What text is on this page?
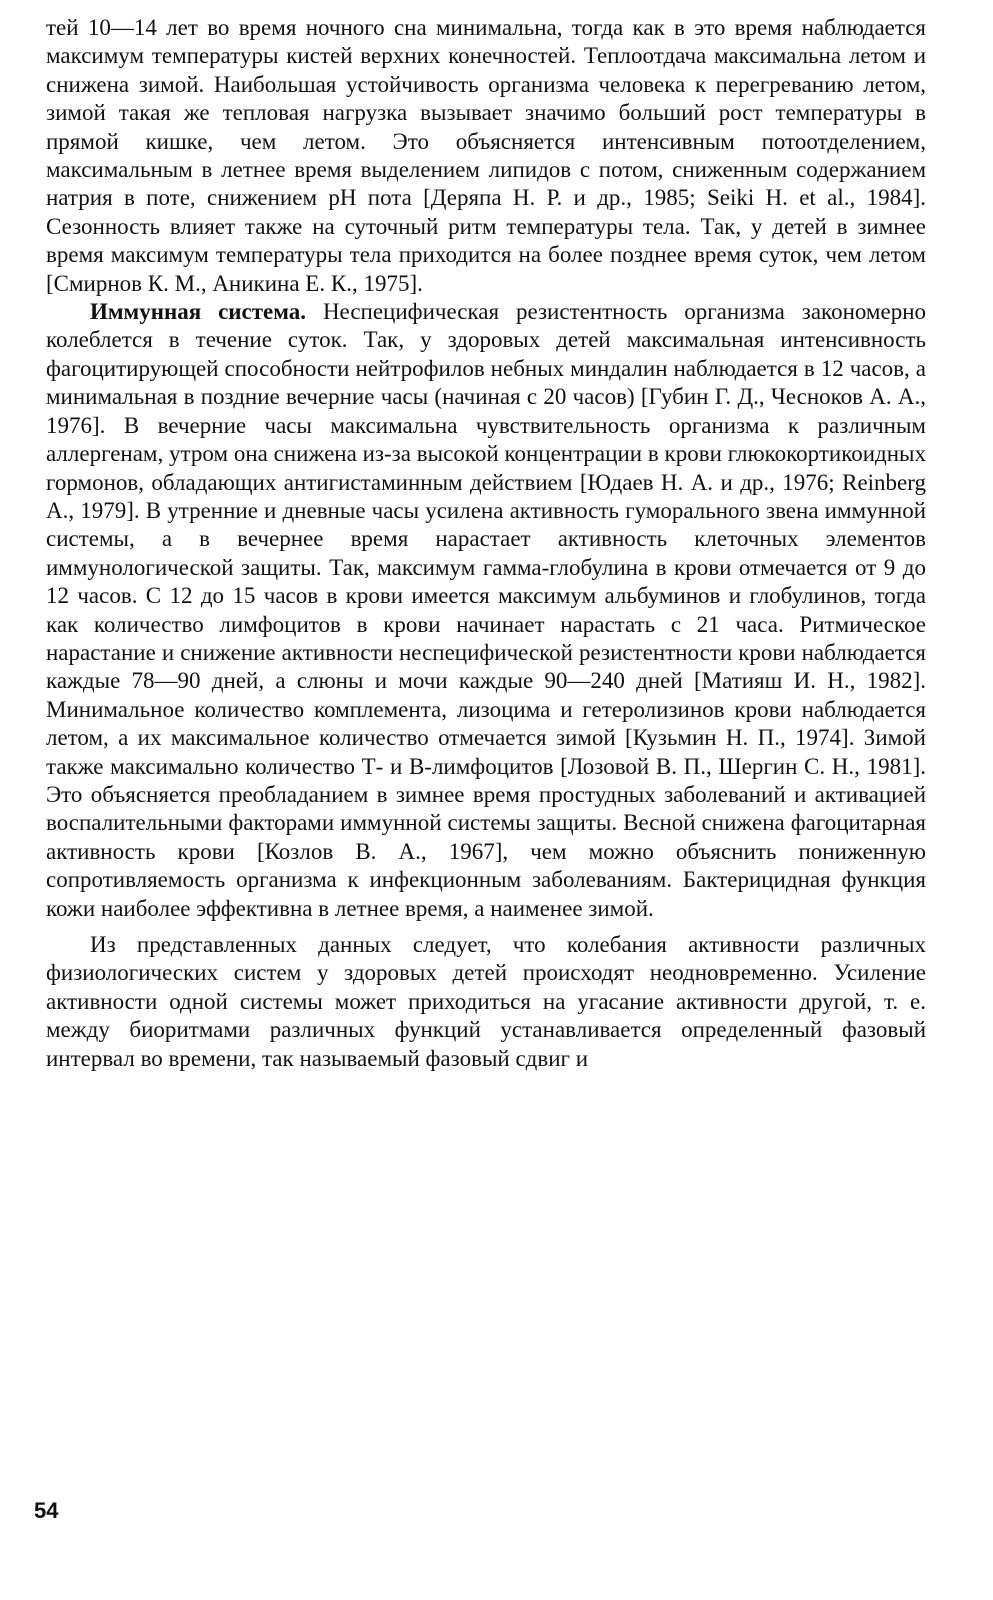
тей 10—14 лет во время ночного сна минимальна, тогда как в это время наблюдается максимум температуры кистей верхних конечностей. Теплоотдача максимальна летом и снижена зимой. Наибольшая устойчивость организма человека к перегреванию летом, зимой такая же тепловая нагрузка вызывает значимо больший рост температуры в прямой кишке, чем летом. Это объясняется интенсивным потоотделением, максимальным в летнее время выделением липидов с потом, сниженным содержанием натрия в поте, снижением pH пота [Деряпа Н. Р. и др., 1985; Seiki H. et al., 1984]. Сезонность влияет также на суточный ритм температуры тела. Так, у детей в зимнее время максимум температуры тела приходится на более позднее время суток, чем летом [Смирнов К. М., Аникина Е. К., 1975].

Иммунная система. Неспецифическая резистентность организма закономерно колеблется в течение суток. Так, у здоровых детей максимальная интенсивность фагоцитирующей способности нейтрофилов небных миндалин наблюдается в 12 часов, а минимальная в поздние вечерние часы (начиная с 20 часов) [Губин Г. Д., Чесноков А. А., 1976]. В вечерние часы максимальна чувствительность организма к различным аллергенам, утром она снижена из-за высокой концентрации в крови глюкокортикоидных гормонов, обладающих антигистаминным действием [Юдаев Н. А. и др., 1976; Reinberg A., 1979]. В утренние и дневные часы усилена активность гуморального звена иммунной системы, а в вечернее время нарастает активность клеточных элементов иммунологической защиты. Так, максимум гамма-глобулина в крови отмечается от 9 до 12 часов. С 12 до 15 часов в крови имеется максимум альбуминов и глобулинов, тогда как количество лимфоцитов в крови начинает нарастать с 21 часа. Ритмическое нарастание и снижение активности неспецифической резистентности крови наблюдается каждые 78—90 дней, а слюны и мочи каждые 90—240 дней [Матияш И. Н., 1982]. Минимальное количество комплемента, лизоцима и гетеролизинов крови наблюдается летом, а их максимальное количество отмечается зимой [Кузьмин Н. П., 1974]. Зимой также максимально количество Т- и В-лимфоцитов [Лозовой В. П., Шергин С. Н., 1981]. Это объясняется преобладанием в зимнее время простудных заболеваний и активацией воспалительными факторами иммунной системы защиты. Весной снижена фагоцитарная активность крови [Козлов В. А., 1967], чем можно объяснить пониженную сопротивляемость организма к инфекционным заболеваниям. Бактерицидная функция кожи наиболее эффективна в летнее время, а наименее зимой.

Из представленных данных следует, что колебания активности различных физиологических систем у здоровых детей происходят неодновременно. Усиление активности одной системы может приходиться на угасание активности другой, т. е. между биоритмами различных функций устанавливается определенный фазовый интервал во времени, так называемый фазовый сдвиг и

54
